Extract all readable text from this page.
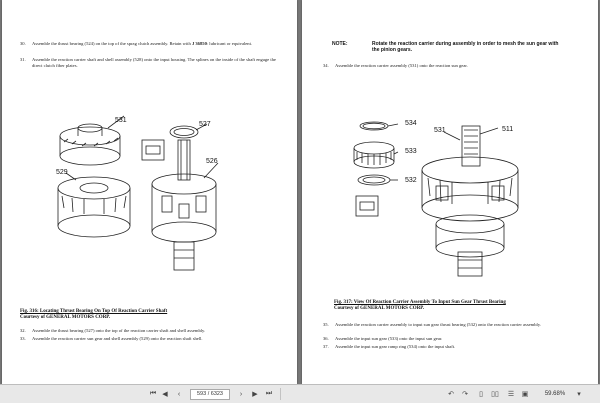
30.	Assemble the thrust bearing (524) on the top of the sprag clutch assembly. Retain with J 36850: lubricant or equivalent.
31.	Assemble the reaction carrier shaft and shell assembly (528) onto the input housing. The splines on the inside of the shaft engage the direct clutch fiber plates.
531
527
529
526
Fig. 316: Locating Thrust Bearing On Top Of Reaction Carrier Shaft
Courtesy of GENERAL MOTORS CORP.
32.	Assemble the thrust bearing (527) onto the top of the reaction carrier shaft and shell assembly.
33.	Assemble the reaction carrier sun gear and shell assembly (529) onto the reaction shaft shell.
NOTE:	Rotate the reaction carrier during assembly in order to mesh the sun gear with the pinion gears.
34.	Assemble the reaction carrier assembly (531) onto the reaction sun gear.
534
531	511
533
532
Fig. 317: View Of Reaction Carrier Assembly To Input Sun Gear Thrust Bearing
Courtesy of GENERAL MOTORS CORP.
35.	Assemble the reaction carrier assembly to input sun gear thrust bearing (532) onto the reaction carrier assembly.
36.	Assemble the input sun gear (533) onto the input sun gear.
37.	Assemble the input sun gear ramp ring (534) onto the input shaft.
⏮ ◀	‹	593 / 6323	›	▶	⏭	↶ ↷	▯	▯▯ ☰ ▣	59.68%	▾
